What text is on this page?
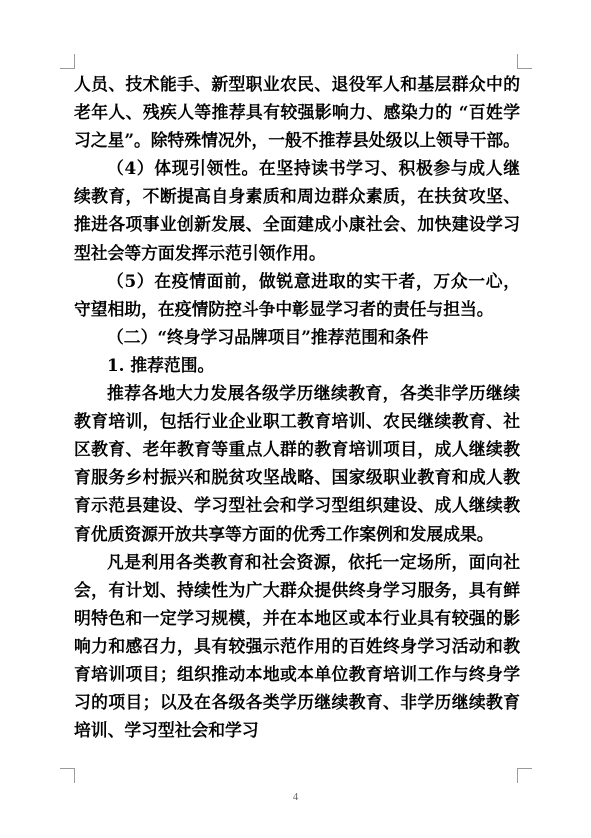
人员、技术能手、新型职业农民、退役军人和基层群众中的老年人、残疾人等推荐具有较强影响力、感染力的 “百姓学习之星”。除特殊情况外，一般不推荐县处级以上领导干部。

（4）体现引领性。在坚持读书学习、积极参与成人继续教育，不断提高自身素质和周边群众素质，在扶贫攻坚、推进各项事业创新发展、全面建成小康社会、加快建设学习型社会等方面发挥示范引领作用。

（5）在疫情面前，做锐意进取的实干者，万众一心，守望相助，在疫情防控斗争中彰显学习者的责任与担当。

（二）“终身学习品牌项目”推荐范围和条件

1. 推荐范围。

推荐各地大力发展各级学历继续教育，各类非学历继续教育培训，包括行业企业职工教育培训、农民继续教育、社区教育、老年教育等重点人群的教育培训项目，成人继续教育服务乡村振兴和脱贫攻坚战略、国家级职业教育和成人教育示范县建设、学习型社会和学习型组织建设、成人继续教育优质资源开放共享等方面的优秀工作案例和发展成果。

凡是利用各类教育和社会资源，依托一定场所，面向社会，有计划、持续性为广大群众提供终身学习服务，具有鲜明特色和一定学习规模，并在本地区或本行业具有较强的影响力和感召力，具有较强示范作用的百姓终身学习活动和教育培训项目；组织推动本地或本单位教育培训工作与终身学习的项目；以及在各级各类学历继续教育、非学历继续教育培训、学习型社会和学习

4
